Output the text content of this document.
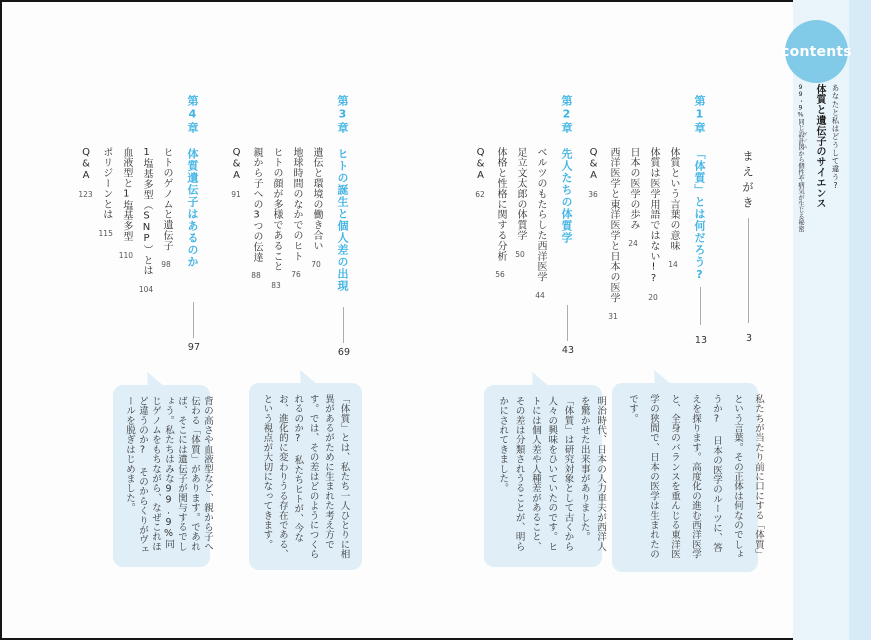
contents
あなたと私はどうして違う?
体質と遺伝子のサイエンス
99・9%同じ設計図 ゲノムから個性や病気が生じる秘密
まえがき
3
第1章「体質」とは何だろう?
体質という言葉の意味14
体質は医学用語ではない!?20
日本の医学の歩み24
西洋医学と東洋医学と日本の医学31
Q&A36
13
第2章先人たちの体質学
ベルツのもたらした西洋医学44
足立文太郎の体質学50
体格と性格に関する分析56
Q&A62
43
第3章ヒトの誕生と個人差の出現
遺伝と環境の働き合い70
地球時間のなかでのヒト76
ヒトの顔が多様であること83
親から子への3つの伝達88
Q&A91
69
第4章体質遺伝子はあるのか
ヒトのゲノムと遺伝子98
1塩基多型（SNP）とは104
血液型と1塩基多型110
ポリジーンとは115
Q&A123
97
私たちが当たり前に口にする「体質」という言葉。その正体は何なのでしょうか? 日本の医学のルーツに、答えを探ります。高度化の進む西洋医学と、全身のバランスを重んじる東洋医学の狭間で、日本の医学は生まれたのです。
明治時代、日本の人力車夫が西洋人を驚かせた出来事がありました。「体質」は研究対象として古くから人々の興味をひいていたのです。ヒトには個人差や人種差があること、その差は分類されうることが、明らかにされてきました。
「体質」とは、私たち一人ひとりに相異があるがために生まれた考え方です。では、その差はどのようにつくられるのか? 私たちヒトが、今なお、進化的に変わりうる存在である、という視点が大切になってきます。
背の高さや血液型など、親から子へ伝わる「体質」があります。であれば、そこには遺伝子が関与するでしょう。私たちはみな99.9%同じゲノムをもちながら、なぜこれほど違うのか? そのからくりがヴェールを脱ぎはじめました。
